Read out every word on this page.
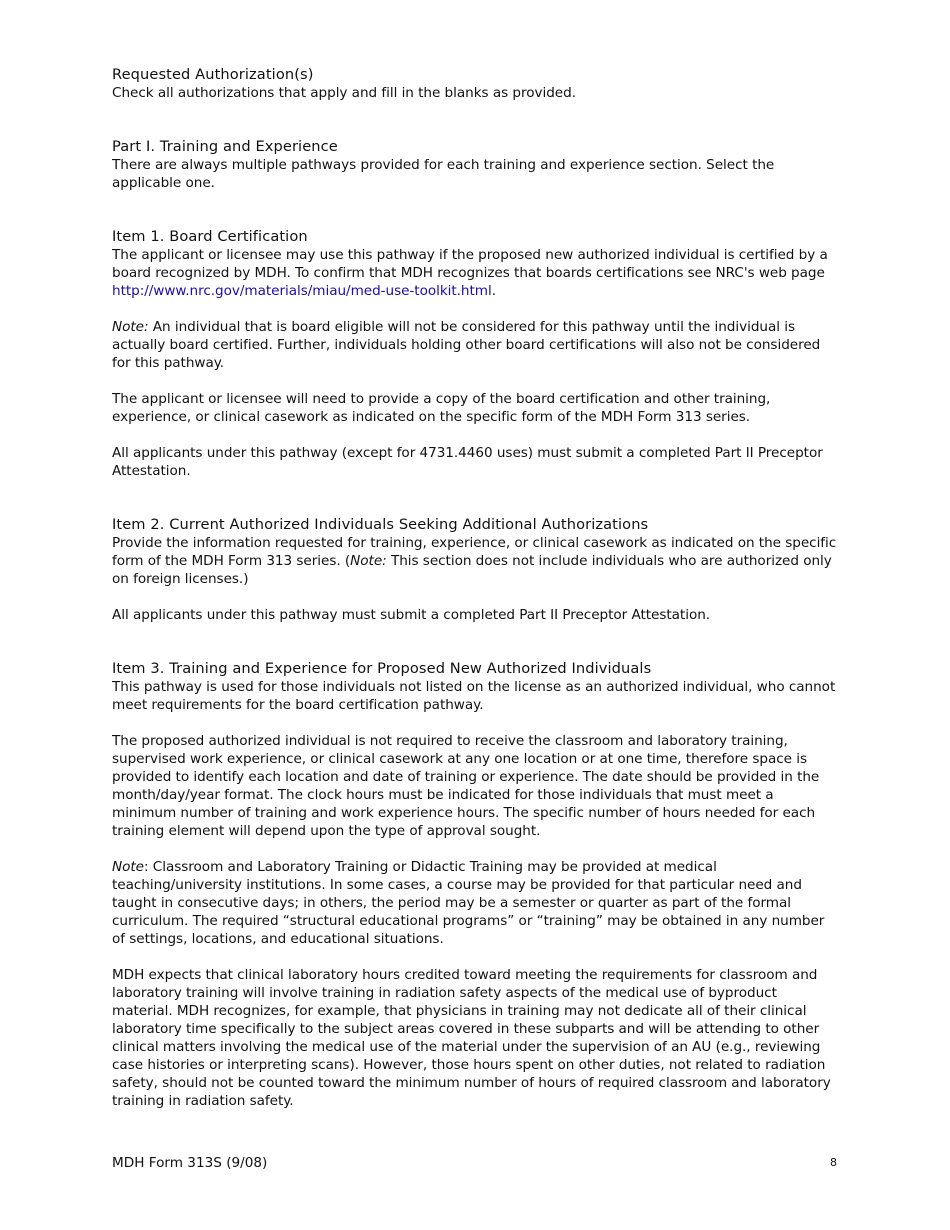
Requested Authorization(s)

Check all authorizations that apply and fill in the blanks as provided.

Part I. Training and Experience

There are always multiple pathways provided for each training and experience section. Select the applicable one.

Item 1. Board Certification

The applicant or licensee may use this pathway if the proposed new authorized individual is certified by a board recognized by MDH. To confirm that MDH recognizes that boards certifications see NRC's web page http://www.nrc.gov/materials/miau/med-use-toolkit.html.

Note: An individual that is board eligible will not be considered for this pathway until the individual is actually board certified. Further, individuals holding other board certifications will also not be considered for this pathway.

The applicant or licensee will need to provide a copy of the board certification and other training, experience, or clinical casework as indicated on the specific form of the MDH Form 313 series.

All applicants under this pathway (except for 4731.4460 uses) must submit a completed Part II Preceptor Attestation.

Item 2. Current Authorized Individuals Seeking Additional Authorizations

Provide the information requested for training, experience, or clinical casework as indicated on the specific form of the MDH Form 313 series. (Note: This section does not include individuals who are authorized only on foreign licenses.)

All applicants under this pathway must submit a completed Part II Preceptor Attestation.

Item 3. Training and Experience for Proposed New Authorized Individuals

This pathway is used for those individuals not listed on the license as an authorized individual, who cannot meet requirements for the board certification pathway.

The proposed authorized individual is not required to receive the classroom and laboratory training, supervised work experience, or clinical casework at any one location or at one time, therefore space is provided to identify each location and date of training or experience. The date should be provided in the month/day/year format. The clock hours must be indicated for those individuals that must meet a minimum number of training and work experience hours. The specific number of hours needed for each training element will depend upon the type of approval sought.

Note: Classroom and Laboratory Training or Didactic Training may be provided at medical teaching/university institutions. In some cases, a course may be provided for that particular need and taught in consecutive days; in others, the period may be a semester or quarter as part of the formal curriculum. The required “structural educational programs” or “training” may be obtained in any number of settings, locations, and educational situations.

MDH expects that clinical laboratory hours credited toward meeting the requirements for classroom and laboratory training will involve training in radiation safety aspects of the medical use of byproduct material. MDH recognizes, for example, that physicians in training may not dedicate all of their clinical laboratory time specifically to the subject areas covered in these subparts and will be attending to other clinical matters involving the medical use of the material under the supervision of an AU (e.g., reviewing case histories or interpreting scans). However, those hours spent on other duties, not related to radiation safety, should not be counted toward the minimum number of hours of required classroom and laboratory training in radiation safety.

MDH Form 313S (9/08)	8
